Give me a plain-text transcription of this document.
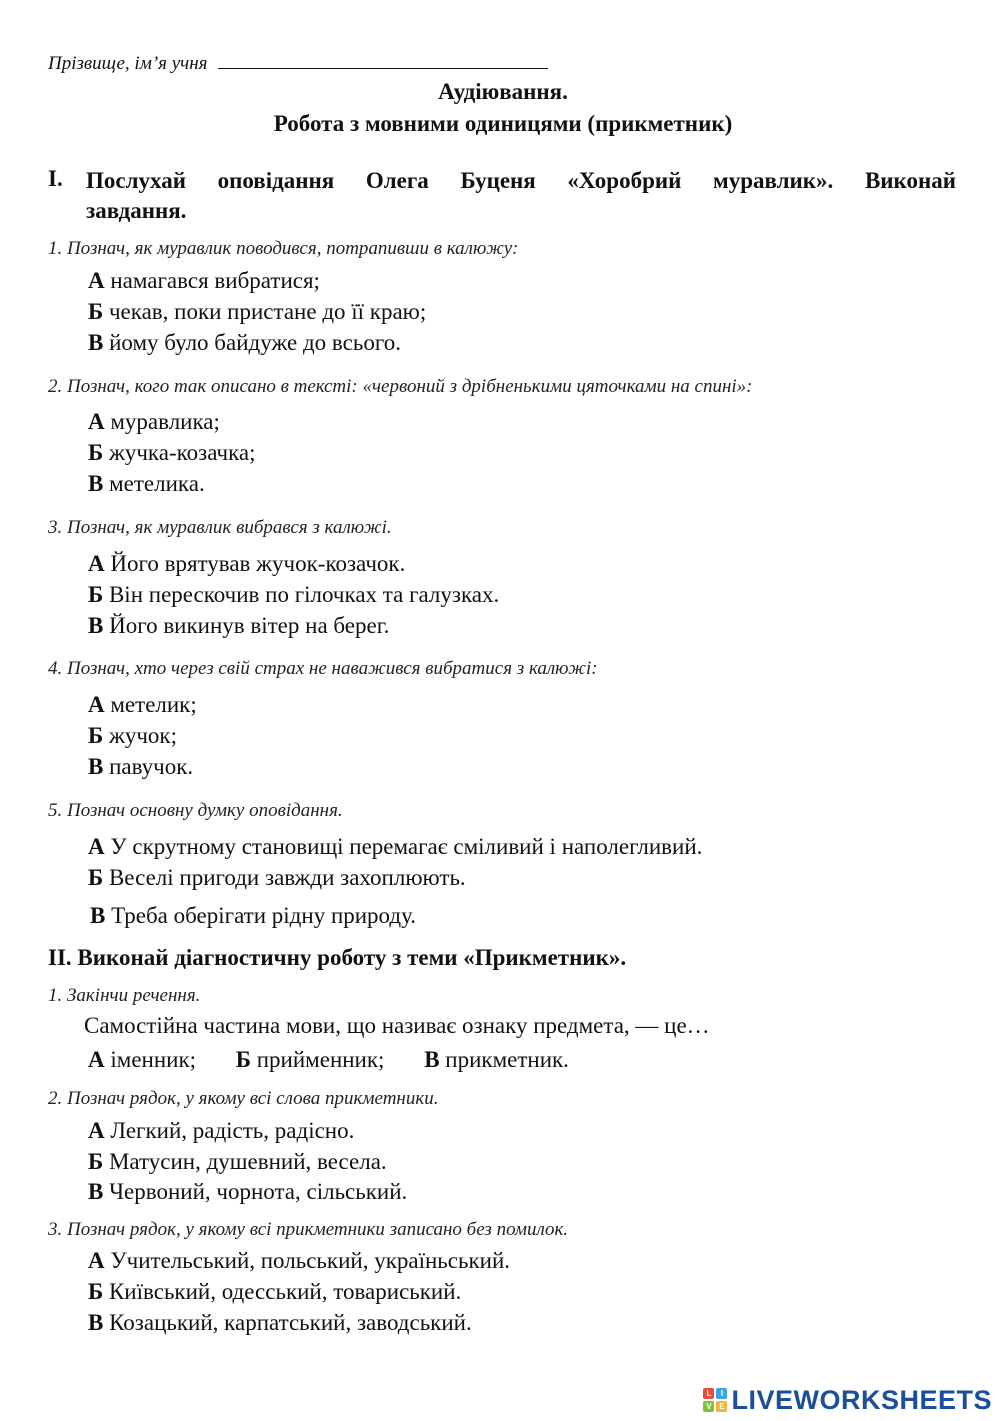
Прізвище, ім’я учня
Аудіювання.
Робота з мовними одиницями (прикметник)
I. Послухай оповідання Олега Буценя «Хоробрий муравлик». Виконай
завдання.
1. Познач, як муравлик поводився, потрапивши в калюжу:
А намагався вибратися;
Б чекав, поки пристане до її краю;
В йому було байдуже до всього.
2. Познач, кого так описано в тексті: «червоний з дрібненькими цяточками на спині»:
А муравлика;
Б жучка-козачка;
В метелика.
3. Познач, як муравлик вибрався з калюжі.
А Його врятував жучок-козачок.
Б Він перескочив по гілочках та галузках.
В Його викинув вітер на берег.
4. Познач, хто через свій страх не наважився вибратися з калюжі:
А метелик;
Б жучок;
В павучок.
5. Познач основну думку оповідання.
А У скрутному становищі перемагає сміливий і наполегливий.
Б Веселі пригоди завжди захоплюють.
В Треба оберігати рідну природу.
II. Виконай діагностичну роботу з теми «Прикметник».
1. Закінчи речення.
Самостійна частина мови, що називає ознаку предмета, — це…
А іменник; Б прийменник; В прикметник.
2. Познач рядок, у якому всі слова прикметники.
А Легкий, радість, радісно.
Б Матусин, душевний, весела.
В Червоний, чорнота, сільський.
3. Познач рядок, у якому всі прикметники записано без помилок.
А Учительський, польський, україньський.
Б Київський, одесський, товариський.
В Козацький, карпатський, заводський.
L	I
V E LIVEWORKSHEETS
